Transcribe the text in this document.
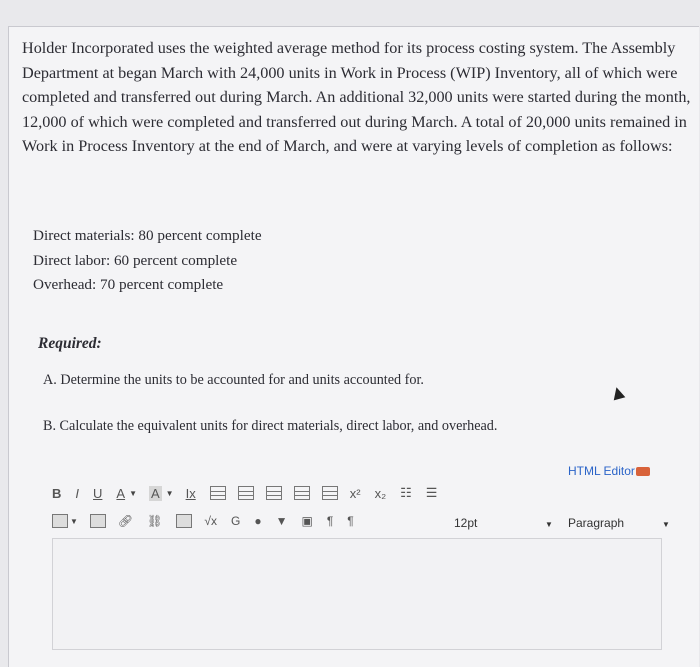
Holder Incorporated uses the weighted average method for its process costing system. The Assembly Department at began March with 24,000 units in Work in Process (WIP) Inventory, all of which were completed and transferred out during March. An additional 32,000 units were started during the month, 12,000 of which were completed and transferred out during March. A total of 20,000 units remained in Work in Process Inventory at the end of March, and were at varying levels of completion as follows:
Direct materials: 80 percent complete
Direct labor: 60 percent complete
Overhead: 70 percent complete
Required:
A. Determine the units to be accounted for and units accounted for.
B. Calculate the equivalent units for direct materials, direct labor, and overhead.
HTML Editor
B I U A ▼ A ▼ Ix	x² x₂ ☷ ☰
▼	🔗︎ ⛓	√x G ● ▼ ▣ ¶ ¶	12pt	▼ Paragraph	▼
